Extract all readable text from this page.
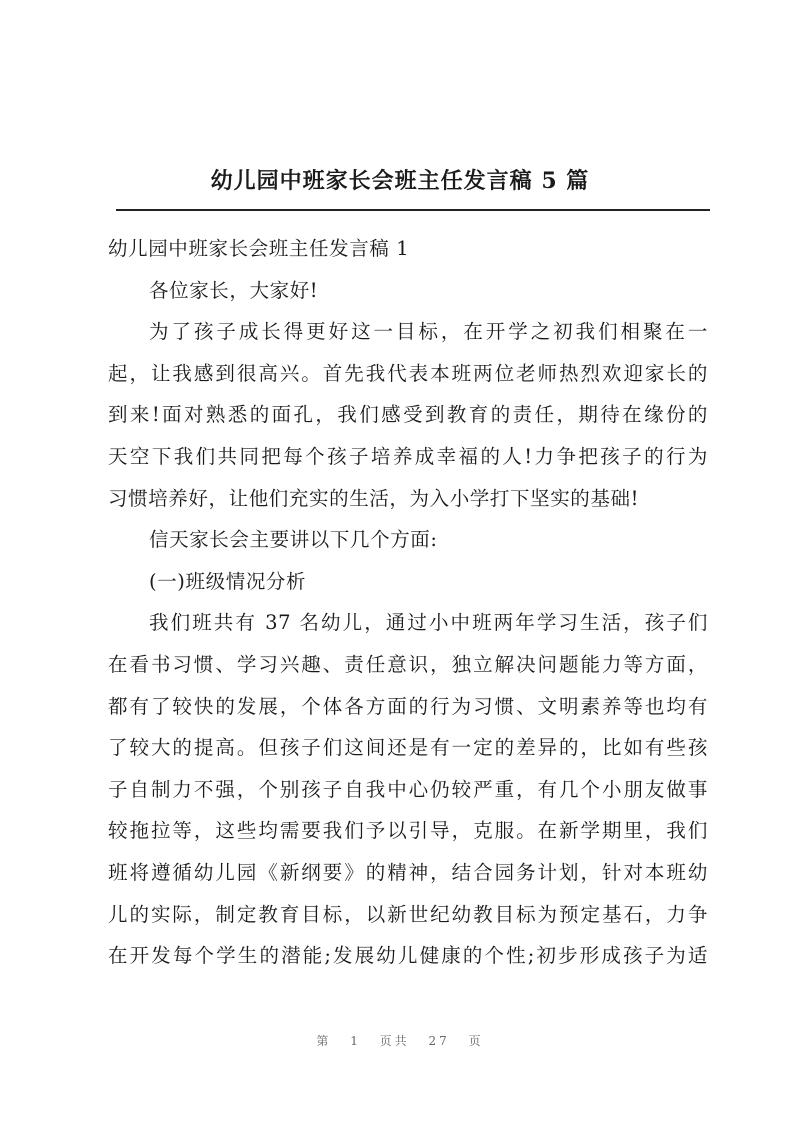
幼儿园中班家长会班主任发言稿 5 篇
幼儿园中班家长会班主任发言稿 1
各位家长，大家好!
为了孩子成长得更好这一目标，在开学之初我们相聚在一
起，让我感到很高兴。首先我代表本班两位老师热烈欢迎家长的
到来!面对熟悉的面孔，我们感受到教育的责任，期待在缘份的
天空下我们共同把每个孩子培养成幸福的人!力争把孩子的行为
习惯培养好，让他们充实的生活，为入小学打下坚实的基础!
信天家长会主要讲以下几个方面:
(一)班级情况分析
我们班共有 37 名幼儿，通过小中班两年学习生活，孩子们
在看书习惯、学习兴趣、责任意识，独立解决问题能力等方面，
都有了较快的发展，个体各方面的行为习惯、文明素养等也均有
了较大的提高。但孩子们这间还是有一定的差异的，比如有些孩
子自制力不强，个别孩子自我中心仍较严重，有几个小朋友做事
较拖拉等，这些均需要我们予以引导，克服。在新学期里，我们
班将遵循幼儿园《新纲要》的精神，结合园务计划，针对本班幼
儿的实际，制定教育目标，以新世纪幼教目标为预定基石，力争
在开发每个学生的潜能;发展幼儿健康的个性;初步形成孩子为适
第 1 页共 27 页
